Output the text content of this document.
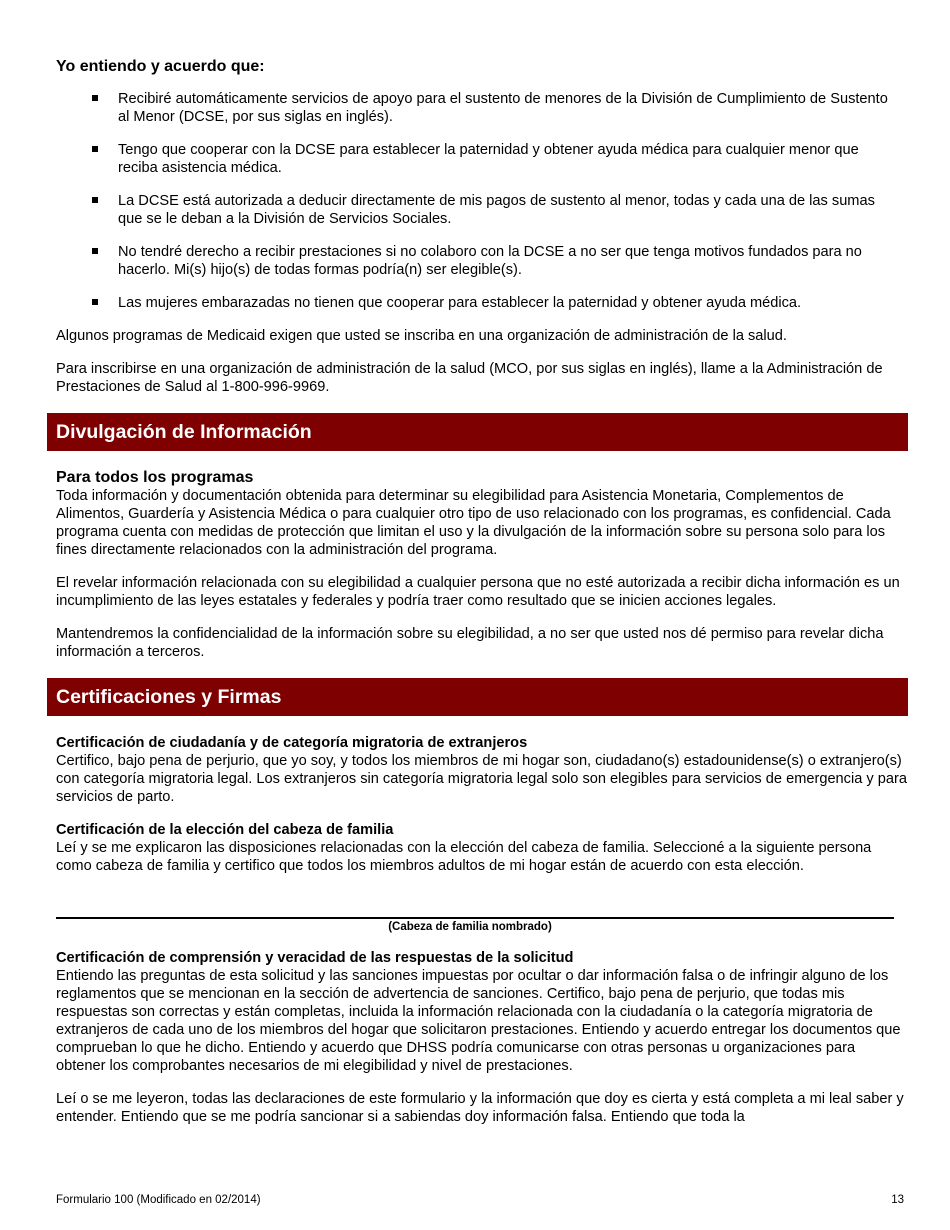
Yo entiendo y acuerdo que:
Recibiré automáticamente servicios de apoyo para el sustento de menores de la División de Cumplimiento de Sustento al Menor (DCSE, por sus siglas en inglés).
Tengo que cooperar con la DCSE para establecer la paternidad y obtener ayuda médica para cualquier menor que reciba asistencia médica.
La DCSE está autorizada a deducir directamente de mis pagos de sustento al menor, todas y cada una de las sumas que se le deban a la División de Servicios Sociales.
No tendré derecho a recibir prestaciones si no colaboro con la DCSE a no ser que tenga motivos fundados para no hacerlo. Mi(s) hijo(s) de todas formas podría(n) ser elegible(s).
Las mujeres embarazadas no tienen que cooperar para establecer la paternidad y obtener ayuda médica.

Algunos programas de Medicaid exigen que usted se inscriba en una organización de administración de la salud.

Para inscribirse en una organización de administración de la salud (MCO, por sus siglas en inglés), llame a la Administración de Prestaciones de Salud al 1-800-996-9969.

Divulgación de Información
Para todos los programas

Toda información y documentación obtenida para determinar su elegibilidad para Asistencia Monetaria, Complementos de Alimentos, Guardería y Asistencia Médica o para cualquier otro tipo de uso relacionado con los programas, es confidencial. Cada programa cuenta con medidas de protección que limitan el uso y la divulgación de la información sobre su persona solo para los fines directamente relacionados con la administración del programa.

El revelar información relacionada con su elegibilidad a cualquier persona que no esté autorizada a recibir dicha información es un incumplimiento de las leyes estatales y federales y podría traer como resultado que se inicien acciones legales.

Mantendremos la confidencialidad de la información sobre su elegibilidad, a no ser que usted nos dé permiso para revelar dicha información a terceros.

Certificaciones y Firmas
Certificación de ciudadanía y de categoría migratoria de extranjeros

Certifico, bajo pena de perjurio, que yo soy, y todos los miembros de mi hogar son, ciudadano(s) estadounidense(s) o extranjero(s) con categoría migratoria legal. Los extranjeros sin categoría migratoria legal solo son elegibles para servicios de emergencia y para servicios de parto.

Certificación de la elección del cabeza de familia

Leí y se me explicaron las disposiciones relacionadas con la elección del cabeza de familia. Seleccioné a la siguiente persona como cabeza de familia y certifico que todos los miembros adultos de mi hogar están de acuerdo con esta elección.

(Cabeza de familia nombrado)
Certificación de comprensión y veracidad de las respuestas de la solicitud

Entiendo las preguntas de esta solicitud y las sanciones impuestas por ocultar o dar información falsa o de infringir alguno de los reglamentos que se mencionan en la sección de advertencia de sanciones. Certifico, bajo pena de perjurio, que todas mis respuestas son correctas y están completas, incluida la información relacionada con la ciudadanía o la categoría migratoria de extranjeros de cada uno de los miembros del hogar que solicitaron prestaciones. Entiendo y acuerdo entregar los documentos que comprueban lo que he dicho. Entiendo y acuerdo que DHSS podría comunicarse con otras personas u organizaciones para obtener los comprobantes necesarios de mi elegibilidad y nivel de prestaciones.

Leí o se me leyeron, todas las declaraciones de este formulario y la información que doy es cierta y está completa a mi leal saber y entender. Entiendo que se me podría sancionar si a sabiendas doy información falsa. Entiendo que toda la

Formulario 100 (Modificado en 02/2014)	13
